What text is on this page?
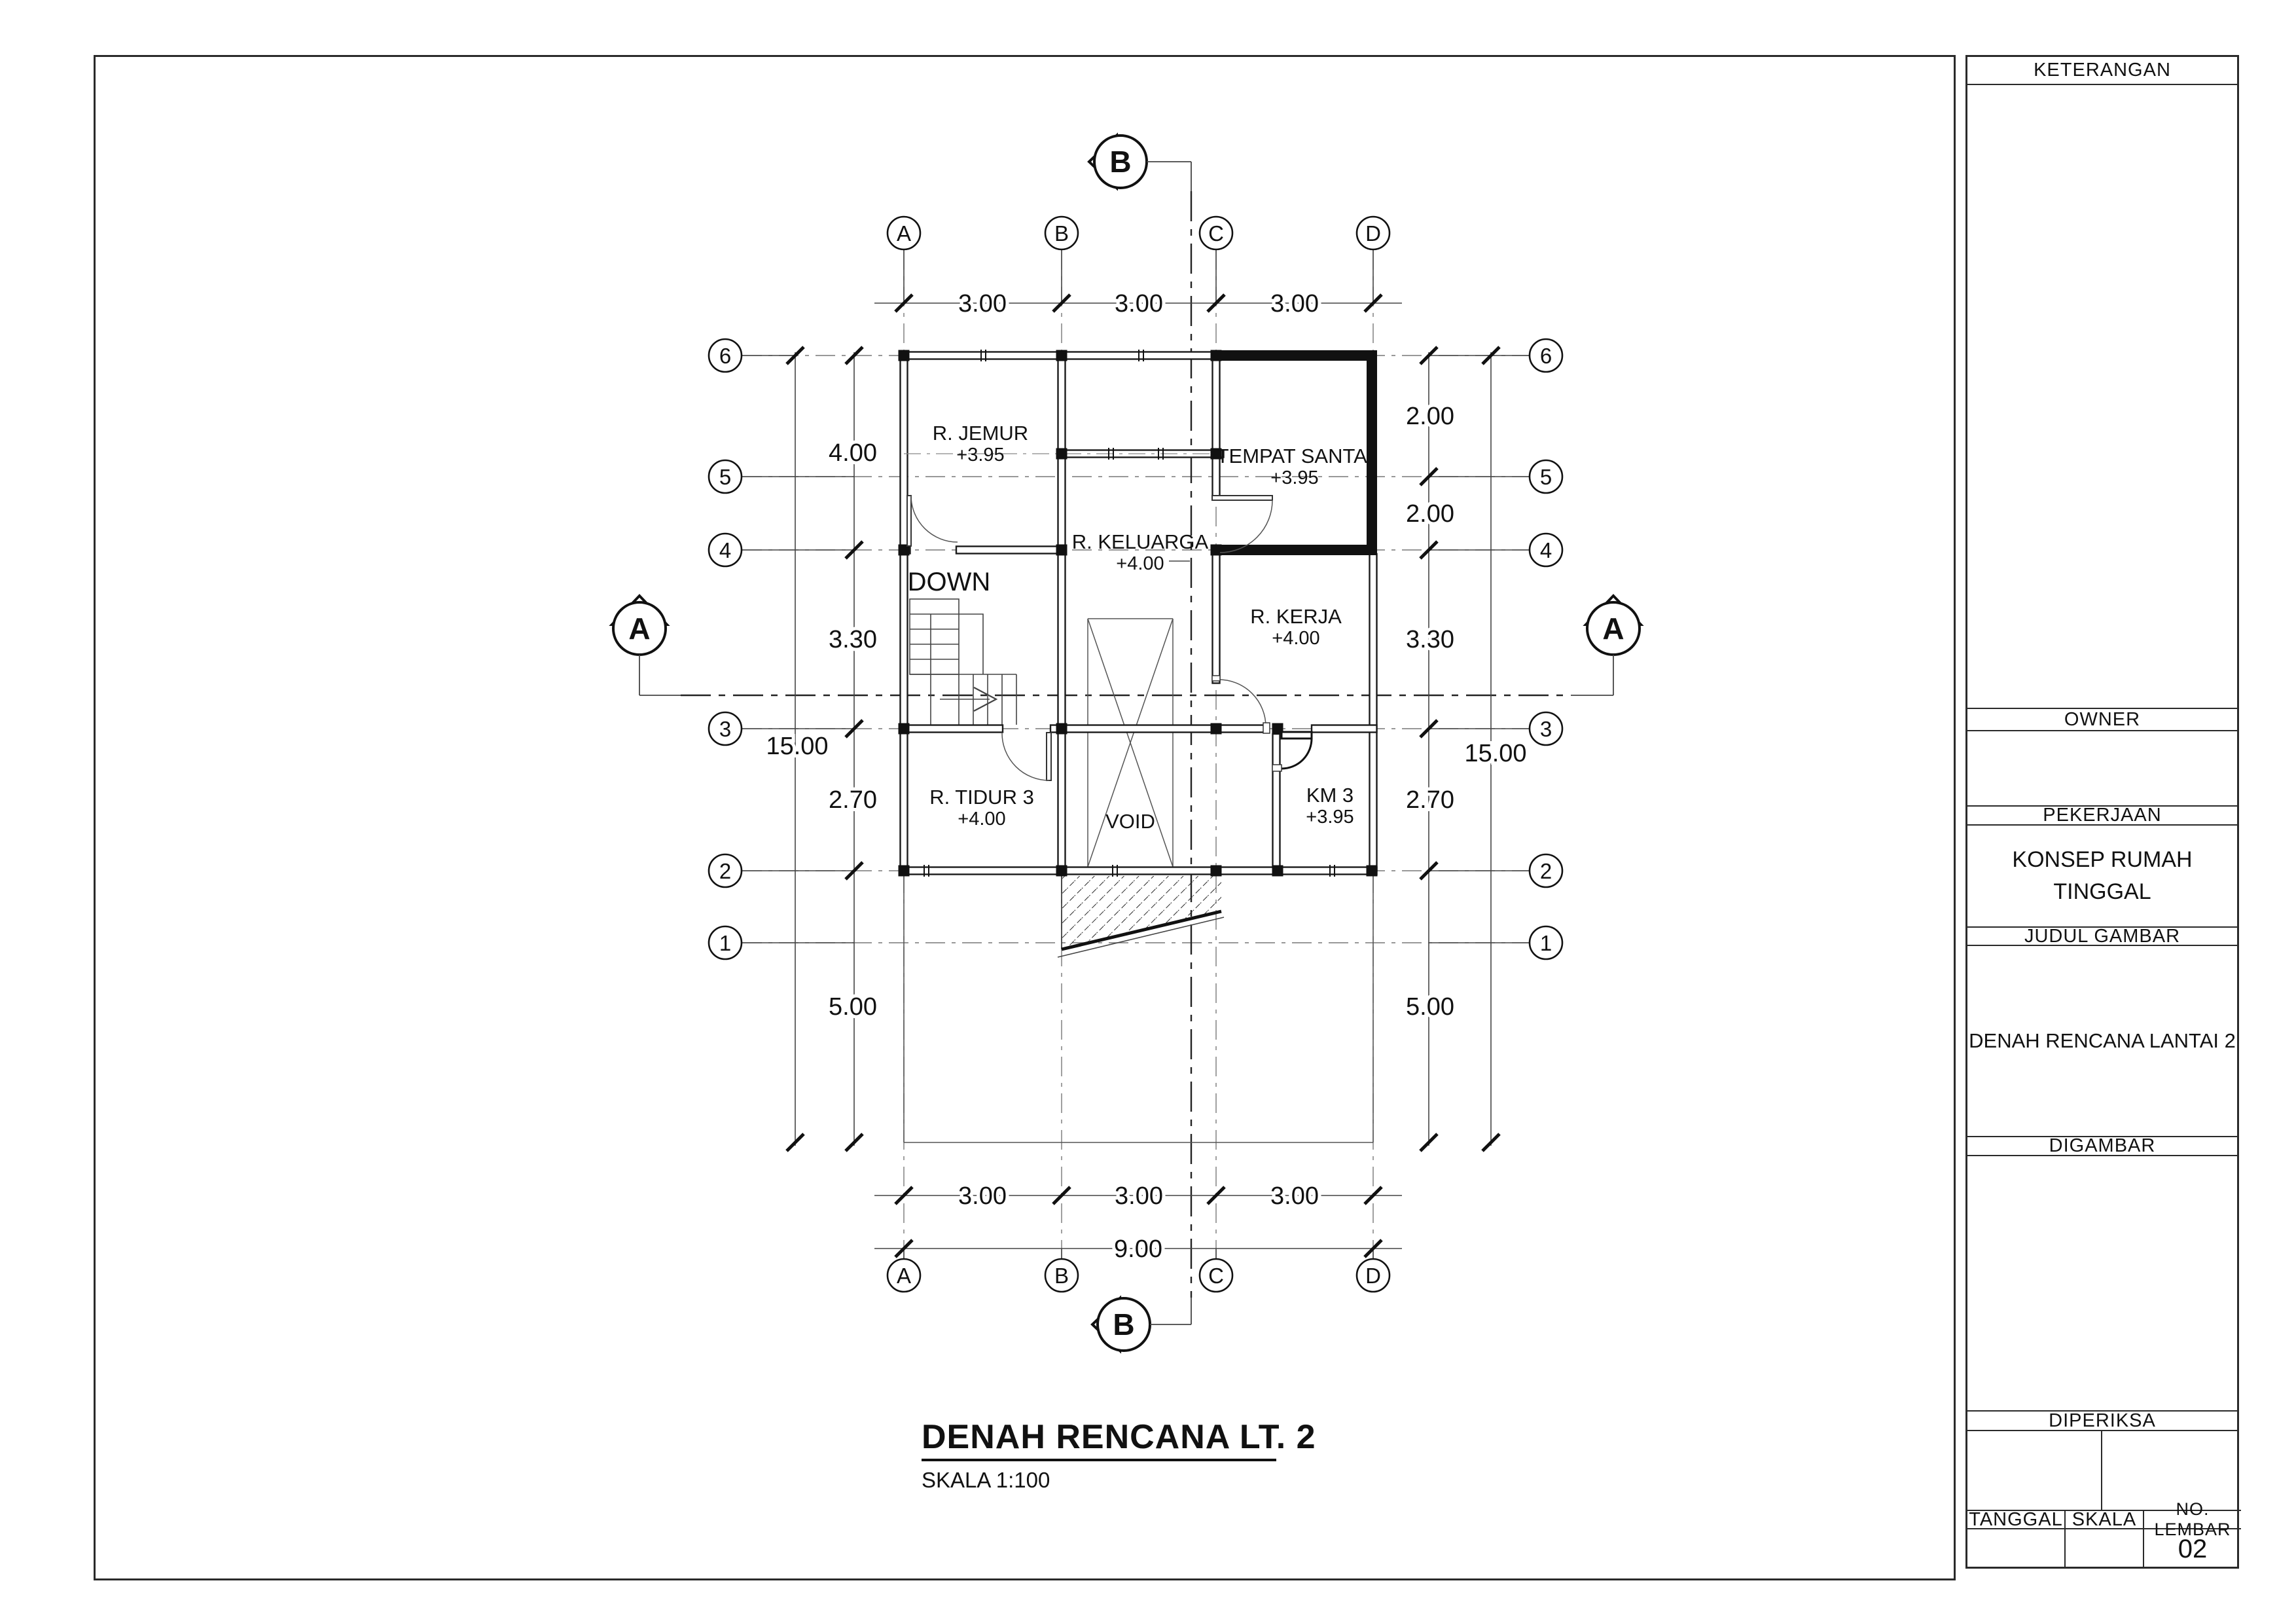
3.00	3.00	3.00
3.00	3.00	3.00
9.00
4.00
3.30
2.70
5.00
15.00
2.00
2.00
3.30
2.70
5.00
15.00
A	B	C	D
A	B	C	D
6
5
4
3
2
1
6
5
4
3
2
1
B
B
A	A
R. JEMUR
+3.95	TEMPAT SANTAI
+3.95
R. KELUARGA
+4.00
R. KERJA
+4.00
R. TIDUR 3
+4.00
KM 3
+3.95
VOID
DOWN
DENAH RENCANA LT. 2
SKALA 1:100
KETERANGAN
OWNER
PEKERJAAN
KONSEP RUMAH TINGGAL
JUDUL GAMBAR
DENAH RENCANA LANTAI 2
DIGAMBAR
DIPERIKSA
TANGGAL SKALA	NO. LEMBAR
02
